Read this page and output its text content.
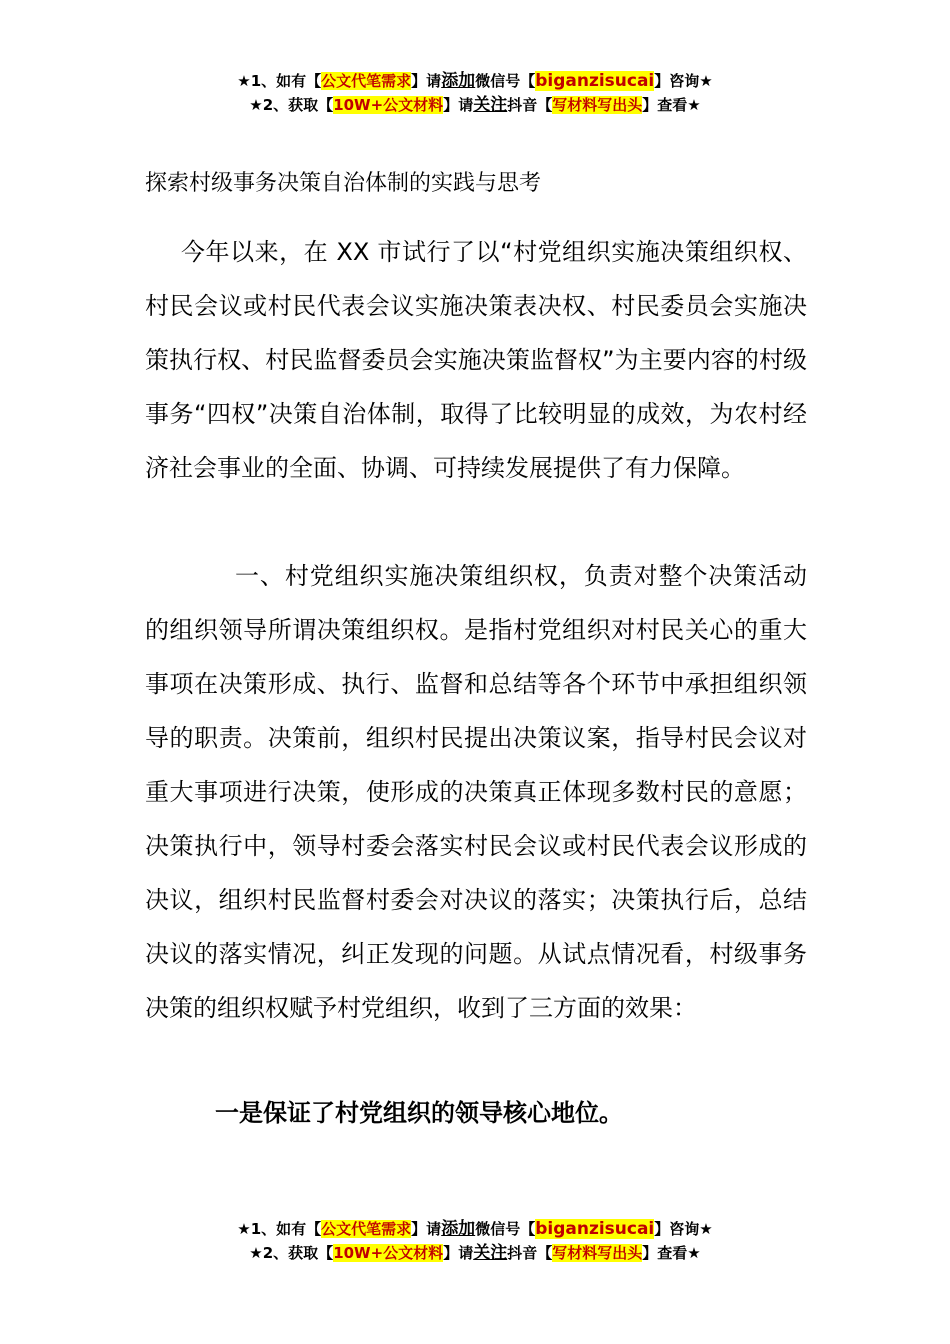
★1、如有【公文代笔需求】请添加微信号【biganzisucai】咨询★
★2、获取【10W+公文材料】请关注抖音【写材料写出头】查看★
探索村级事务决策自治体制的实践与思考

今年以来，在 XX 市试行了以“村党组织实施决策组织权、村民会议或村民代表会议实施决策表决权、村民委员会实施决策执行权、村民监督委员会实施决策监督权”为主要内容的村级事务“四权”决策自治体制，取得了比较明显的成效，为农村经济社会事业的全面、协调、可持续发展提供了有力保障。

一、村党组织实施决策组织权，负责对整个决策活动的组织领导所谓决策组织权。是指村党组织对村民关心的重大事项在决策形成、执行、监督和总结等各个环节中承担组织领导的职责。决策前，组织村民提出决策议案，指导村民会议对重大事项进行决策，使形成的决策真正体现多数村民的意愿；决策执行中，领导村委会落实村民会议或村民代表会议形成的决议，组织村民监督村委会对决议的落实；决策执行后，总结决议的落实情况，纠正发现的问题。从试点情况看，村级事务决策的组织权赋予村党组织，收到了三方面的效果：

一是保证了村党组织的领导核心地位。

★1、如有【公文代笔需求】请添加微信号【biganzisucai】咨询★
★2、获取【10W+公文材料】请关注抖音【写材料写出头】查看★
